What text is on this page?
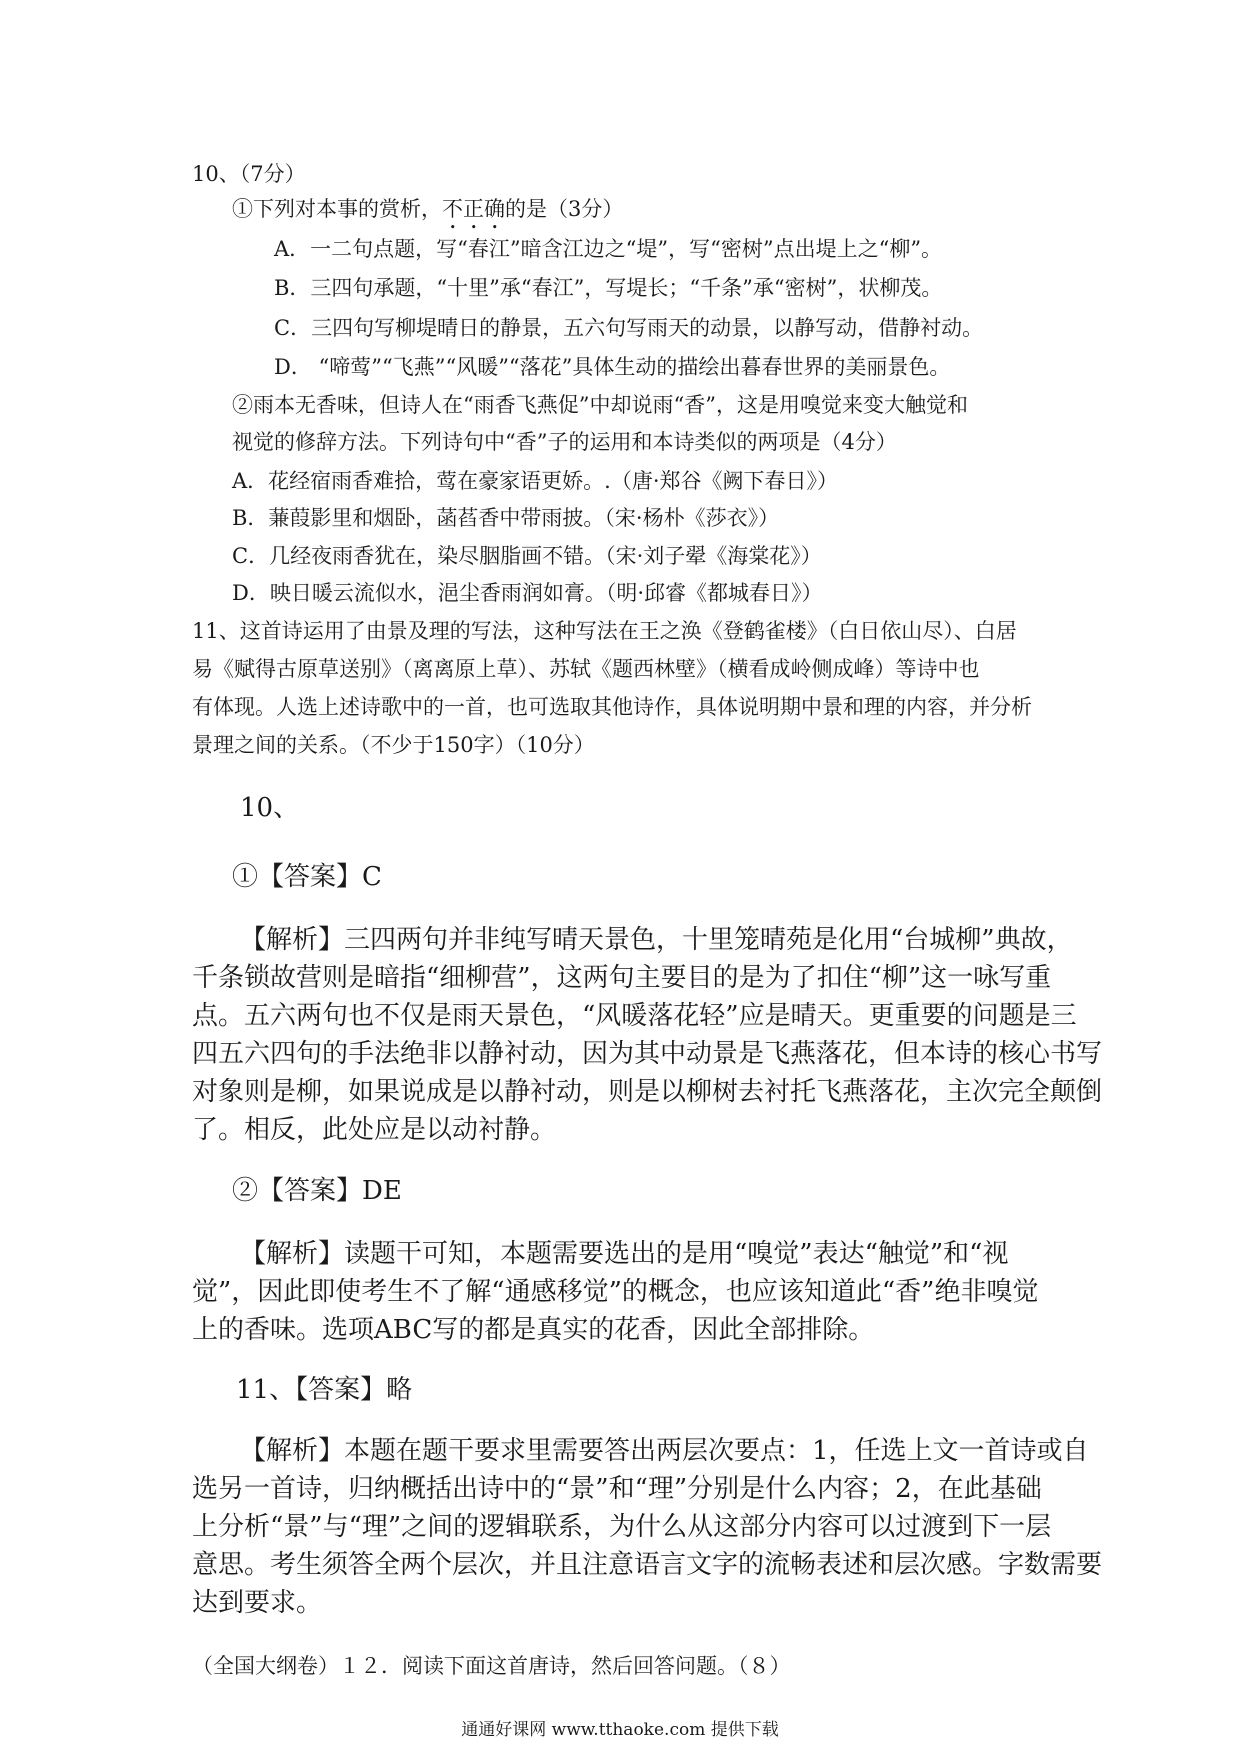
10、（7分）
①下列对本事的赏析，不正确的是（3分）
A．一二句点题，写“春江”暗含江边之“堤”，写“密树”点出堤上之“柳”。
B．三四句承题，“十里”承“春江”，写堤长；“千条”承“密树”，状柳茂。
C．三四句写柳堤晴日的静景，五六句写雨天的动景，以静写动，借静衬动。
D． “啼莺”“飞燕”“风暖”“落花”具体生动的描绘出暮春世界的美丽景色。
②雨本无香味，但诗人在“雨香飞燕促”中却说雨“香”，这是用嗅觉来变大触觉和
视觉的修辞方法。下列诗句中“香”子的运用和本诗类似的两项是（4分）
A．花经宿雨香难拾，莺在豪家语更娇。.（唐·郑谷《阙下春日》）
B．蒹葭影里和烟卧，菡萏香中带雨披。（宋·杨朴《莎衣》）
C．几经夜雨香犹在，染尽胭脂画不错。（宋·刘子翚《海棠花》）
D．映日暖云流似水，浥尘香雨润如膏。（明·邱睿《都城春日》）
11、这首诗运用了由景及理的写法，这种写法在王之涣《登鹤雀楼》（白日依山尽）、白居
易《赋得古原草送别》（离离原上草）、苏轼《题西林壁》（横看成岭侧成峰）等诗中也
有体现。人选上述诗歌中的一首，也可选取其他诗作，具体说明期中景和理的内容，并分析
景理之间的关系。（不少于150字）（10分）
10、
①【答案】C
【解析】三四两句并非纯写晴天景色，十里笼晴苑是化用“台城柳”典故，
千条锁故营则是暗指“细柳营”，这两句主要目的是为了扣住“柳”这一咏写重
点。五六两句也不仅是雨天景色，“风暖落花轻”应是晴天。更重要的问题是三
四五六四句的手法绝非以静衬动，因为其中动景是飞燕落花，但本诗的核心书写
对象则是柳，如果说成是以静衬动，则是以柳树去衬托飞燕落花，主次完全颠倒
了。相反，此处应是以动衬静。
②【答案】DE
【解析】读题干可知，本题需要选出的是用“嗅觉”表达“触觉”和“视
觉”，因此即使考生不了解“通感移觉”的概念，也应该知道此“香”绝非嗅觉
上的香味。选项ABC写的都是真实的花香，因此全部排除。
11、【答案】略
【解析】本题在题干要求里需要答出两层次要点：1，任选上文一首诗或自
选另一首诗，归纳概括出诗中的“景”和“理”分别是什么内容；2，在此基础
上分析“景”与“理”之间的逻辑联系，为什么从这部分内容可以过渡到下一层
意思。考生须答全两个层次，并且注意语言文字的流畅表述和层次感。字数需要
达到要求。
（全国大纲卷）１２．阅读下面这首唐诗，然后回答问题。（８）
通通好课网 www.tthaoke.com 提供下载
